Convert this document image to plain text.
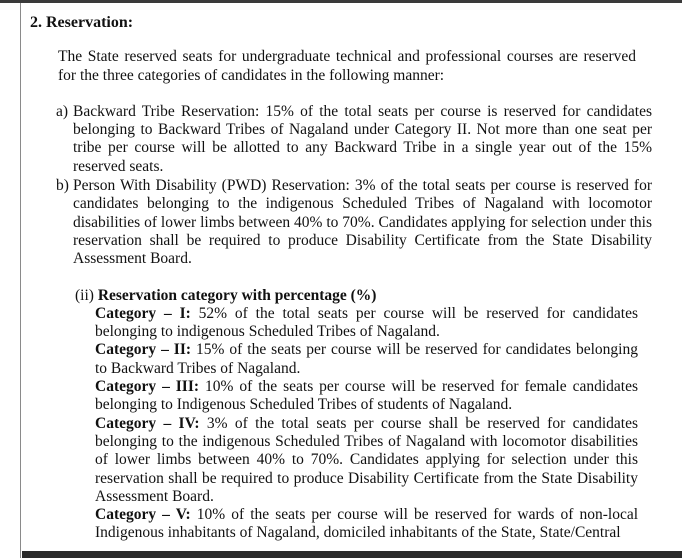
2. Reservation:

The State reserved seats for undergraduate technical and professional courses are reserved for the three categories of candidates in the following manner:

a) Backward Tribe Reservation: 15% of the total seats per course is reserved for candidates belonging to Backward Tribes of Nagaland under Category II. Not more than one seat per tribe per course will be allotted to any Backward Tribe in a single year out of the 15% reserved seats.
b) Person With Disability (PWD) Reservation: 3% of the total seats per course is reserved for candidates belonging to the indigenous Scheduled Tribes of Nagaland with locomotor disabilities of lower limbs between 40% to 70%. Candidates applying for selection under this reservation shall be required to produce Disability Certificate from the State Disability Assessment Board.
(ii) Reservation category with percentage (%)
Category – I: 52% of the total seats per course will be reserved for candidates belonging to indigenous Scheduled Tribes of Nagaland.
Category – II: 15% of the seats per course will be reserved for candidates belonging to Backward Tribes of Nagaland.
Category – III: 10% of the seats per course will be reserved for female candidates belonging to Indigenous Scheduled Tribes of students of Nagaland.
Category – IV: 3% of the total seats per course shall be reserved for candidates belonging to the indigenous Scheduled Tribes of Nagaland with locomotor disabilities of lower limbs between 40% to 70%. Candidates applying for selection under this reservation shall be required to produce Disability Certificate from the State Disability Assessment Board.
Category – V: 10% of the seats per course will be reserved for wards of non-local Indigenous inhabitants of Nagaland, domiciled inhabitants of the State, State/Central
